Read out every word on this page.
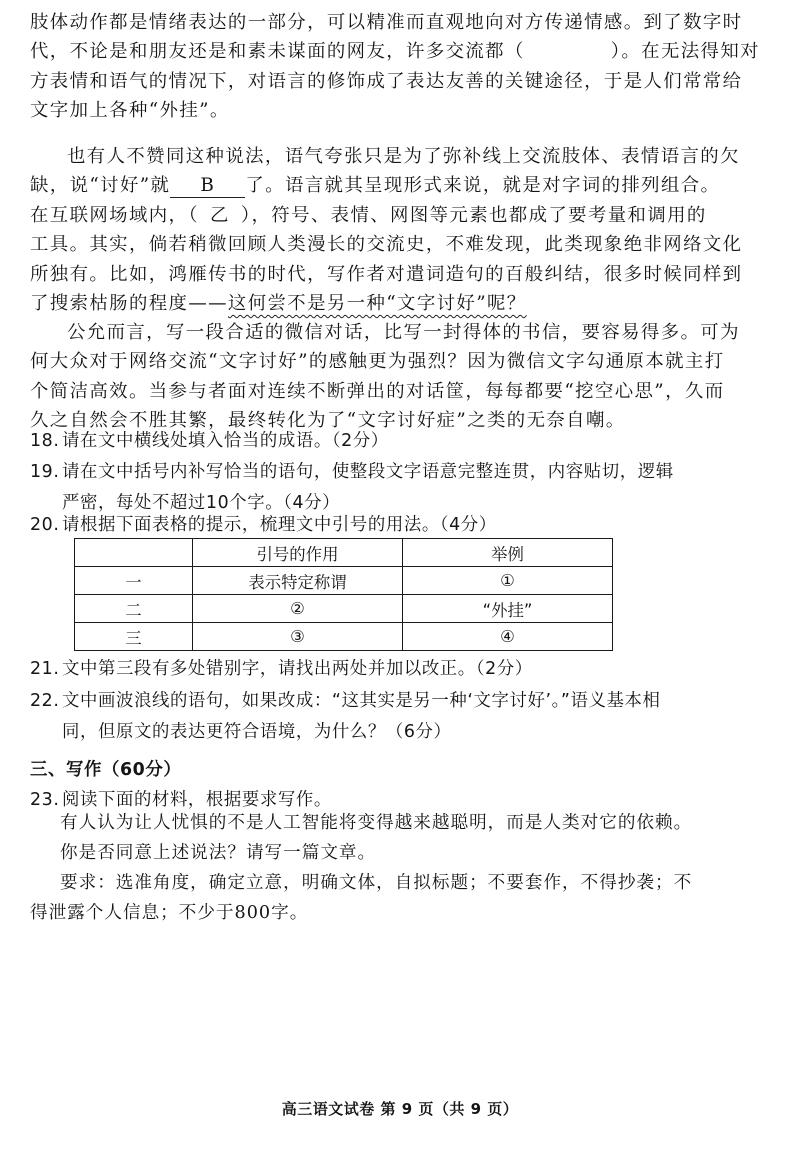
肢体动作都是情绪表达的一部分，可以精准而直观地向对方传递情感。到了数字时
代，不论是和朋友还是和素未谋面的网友，许多交流都（	）。在无法得知对
方表情和语气的情况下，对语言的修饰成了表达友善的关键途径，于是人们常常给
文字加上各种“外挂”。
也有人不赞同这种说法，语气夸张只是为了弥补线上交流肢体、表情语言的欠
缺，说“讨好”就 B 了。语言就其呈现形式来说，就是对字词的排列组合。
在互联网场域内，（ 乙 ），符号、表情、网图等元素也都成了要考量和调用的
工具。其实，倘若稍微回顾人类漫长的交流史，不难发现，此类现象绝非网络文化
所独有。比如，鸿雁传书的时代，写作者对遣词造句的百般纠结，很多时候同样到
了搜索枯肠的程度——这何尝不是另一种“文字讨好”呢？
公允而言，写一段合适的微信对话，比写一封得体的书信，要容易得多。可为
何大众对于网络交流“文字讨好”的感触更为强烈？因为微信文字勾通原本就主打
个简洁高效。当参与者面对连续不断弹出的对话筐，每每都要“挖空心思”，久而
久之自然会不胜其繁，最终转化为了“文字讨好症”之类的无奈自嘲。
18. 请在文中横线处填入恰当的成语。（2分）
19. 请在文中括号内补写恰当的语句，使整段文字语意完整连贯，内容贴切，逻辑
严密，每处不超过10个字。（4分）
20. 请根据下面表格的提示，梳理文中引号的用法。（4分）
	引号的作用	举例
一	表示特定称谓	①
二	②	“外挂”
三	③	④
21. 文中第三段有多处错别字，请找出两处并加以改正。（2分）
22. 文中画波浪线的语句，如果改成：“这其实是另一种‘文字讨好’。”语义基本相
同，但原文的表达更符合语境，为什么？（6分）
三、写作（60分）
23. 阅读下面的材料，根据要求写作。
有人认为让人忧惧的不是人工智能将变得越来越聪明，而是人类对它的依赖。
你是否同意上述说法？请写一篇文章。
要求：选准角度，确定立意，明确文体，自拟标题；不要套作，不得抄袭；不
得泄露个人信息；不少于800字。
高三语文试卷 第 9 页（共 9 页）
